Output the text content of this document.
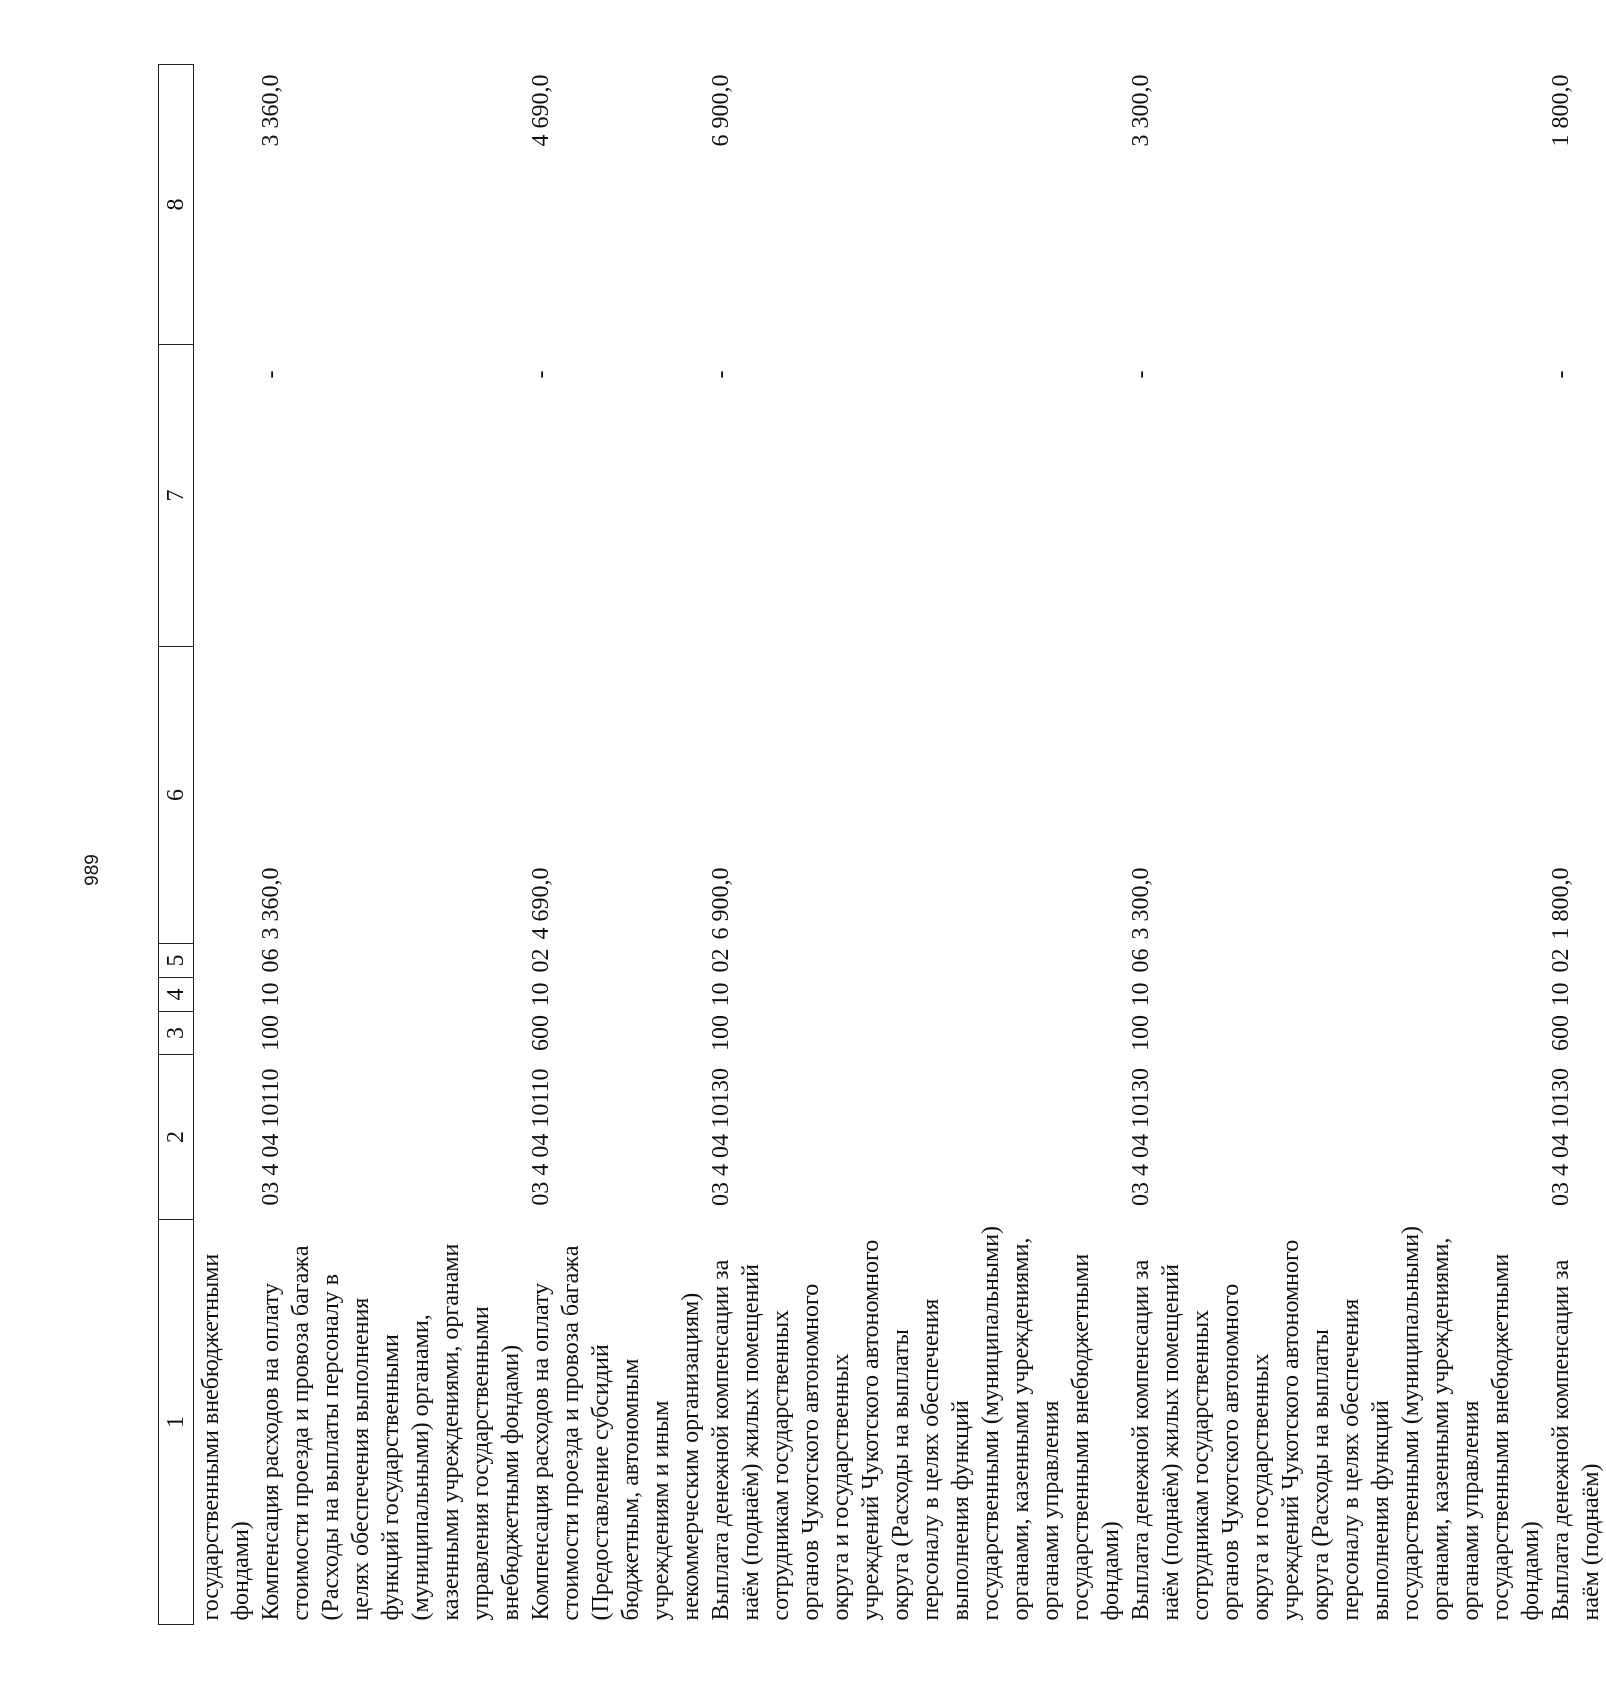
989
1	2	3	4	5	6	7	8
государственными внебюджетными фондами)							
Компенсация расходов на оплату стоимости проезда и провоза багажа (Расходы на выплаты персоналу в целях обеспечения выполнения функций государственными (муниципальными) органами, казенными учреждениями, органами управления государственными внебюджетными фондами)	03 4 04 10110	100	10	06	3 360,0	-	3 360,0
Компенсация расходов на оплату стоимости проезда и провоза багажа (Предоставление субсидий бюджетным, автономным учреждениям и иным некоммерческим организациям)	03 4 04 10110	600	10	02	4 690,0	-	4 690,0
Выплата денежной компенсации за наём (поднаём) жилых помещений сотрудникам государственных органов Чукотского автономного округа и государственных учреждений Чукотского автономного округа (Расходы на выплаты персоналу в целях обеспечения выполнения функций государственными (муниципальными) органами, казенными учреждениями, органами управления государственными внебюджетными фондами)	03 4 04 10130	100	10	02	6 900,0	-	6 900,0
Выплата денежной компенсации за наём (поднаём) жилых помещений сотрудникам государственных органов Чукотского автономного округа и государственных учреждений Чукотского автономного округа (Расходы на выплаты персоналу в целях обеспечения выполнения функций государственными (муниципальными) органами, казенными учреждениями, органами управления государственными внебюджетными фондами)	03 4 04 10130	100	10	06	3 300,0	-	3 300,0
Выплата денежной компенсации за наём (поднаём)	03 4 04 10130	600	10	02	1 800,0	-	1 800,0
